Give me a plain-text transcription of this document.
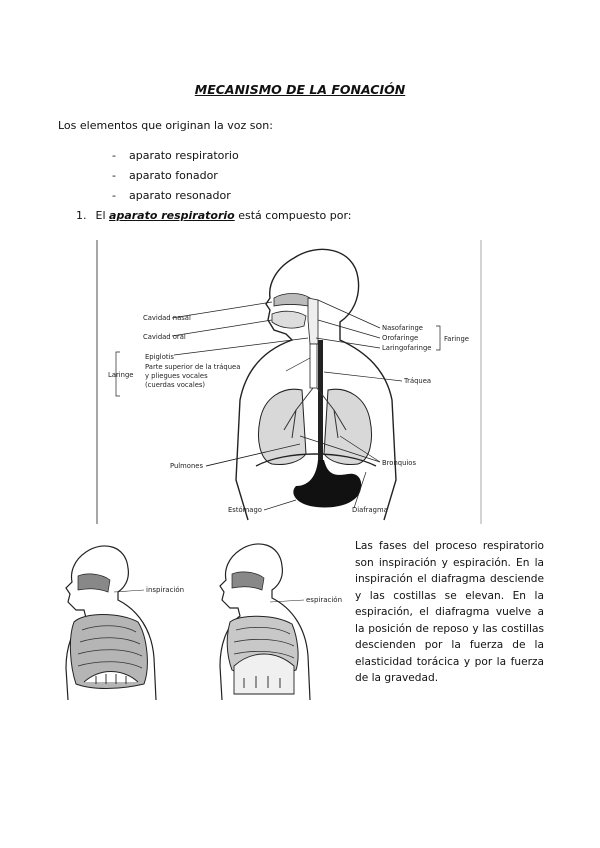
MECANISMO DE LA FONACIÓN
Los elementos que originan la voz son:
- aparato respiratorio
- aparato fonador
- aparato resonador
1. El aparato respiratorio está compuesto por:
Cavidad nasal
Cavidad oral
Epiglotis
Parte superior de la tráquea
y pliegues vocales
(cuerdas vocales)
Laringe
Nasofaringe
Orofaringe
Laringofaringe
Faringe
Tráquea
Pulmones	Bronquios
Estómago	Diafragma
inspiración
espiración

Las fases del proceso respiratorio son inspiración y espiración. En la inspiración el diafragma desciende y las costillas se elevan. En la espiración, el diafragma vuelve a la posición de reposo y las costillas descienden por la fuerza de la elasticidad torácica y por la fuerza de la gravedad.
